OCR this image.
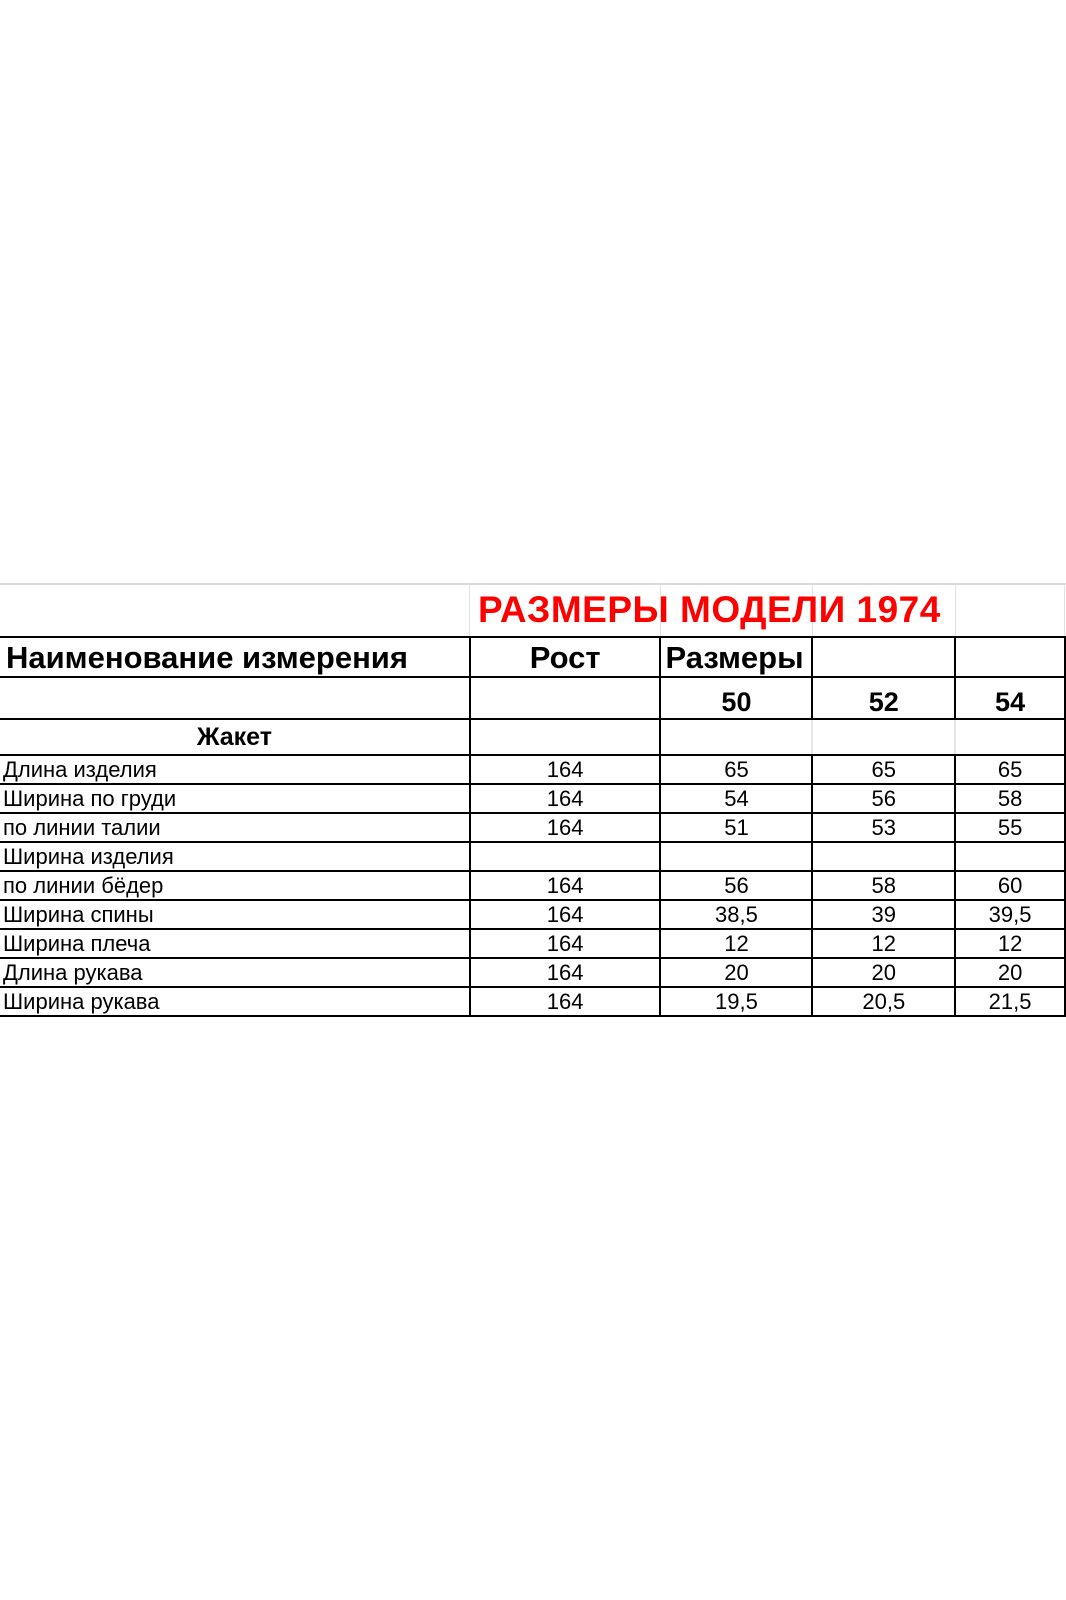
РАЗМЕРЫ МОДЕЛИ 1974
Наименование измерения	Рост	Размеры		
		50	52	54
Жакет				
Длина изделия	164	65	65	65
Ширина по груди	164	54	56	58
по линии талии	164	51	53	55
Ширина изделия				
по линии бёдер	164	56	58	60
Ширина спины	164	38,5	39	39,5
Ширина плеча	164	12	12	12
Длина рукава	164	20	20	20
Ширина рукава	164	19,5	20,5	21,5
